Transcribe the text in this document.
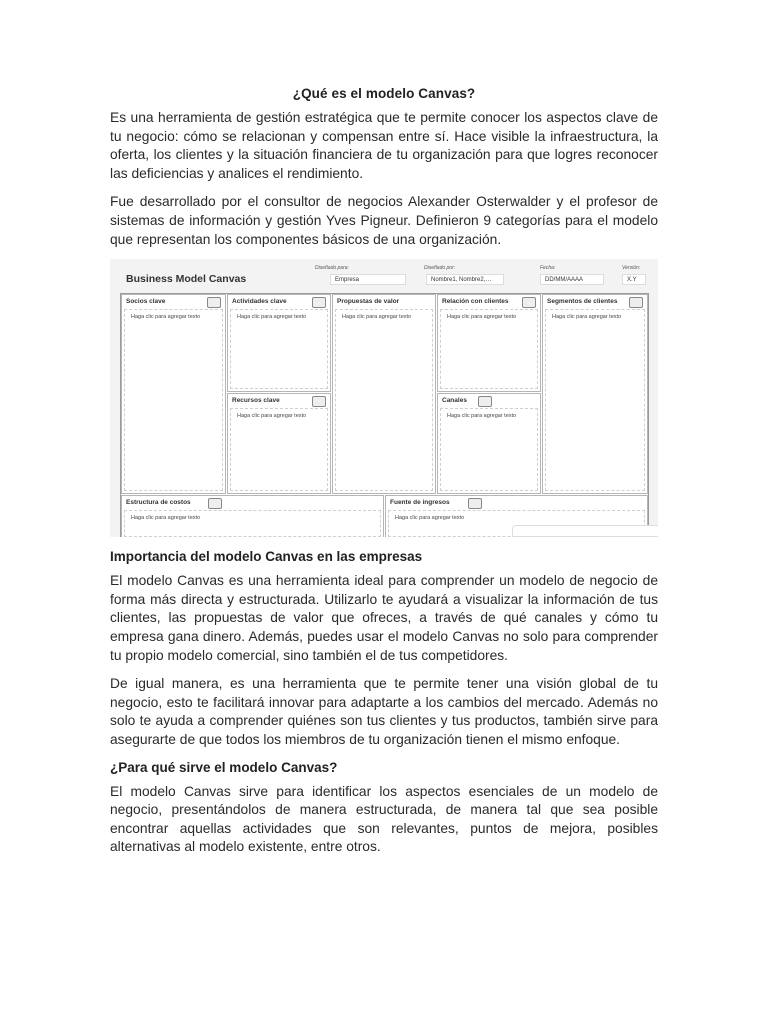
¿Qué es el modelo Canvas?

Es una herramienta de gestión estratégica que te permite conocer los aspectos clave de tu negocio: cómo se relacionan y compensan entre sí. Hace visible la infraestructura, la oferta, los clientes y la situación financiera de tu organización para que logres reconocer las deficiencias y analices el rendimiento.

Fue desarrollado por el consultor de negocios Alexander Osterwalder y el profesor de sistemas de información y gestión Yves Pigneur. Definieron 9 categorías para el modelo que representan los componentes básicos de una organización.

Business Model Canvas
Diseñado para:
Empresa
Diseñado por:
Nombre1, Nombre2,…
Fecha:
DD/MM/AAAA
Versión:
X.Y
Socios clave
Haga clic para agregar texto
Actividades clave
Haga clic para agregar texto
Recursos clave
Haga clic para agregar texto
Propuestas de valor
Haga clic para agregar texto
Relación con clientes
Haga clic para agregar texto
Canales
Haga clic para agregar texto
Segmentos de clientes
Haga clic para agregar texto
Estructura de costos
Haga clic para agregar texto
Fuente de ingresos
Haga clic para agregar texto
Importancia del modelo Canvas en las empresas

El modelo Canvas es una herramienta ideal para comprender un modelo de negocio de forma más directa y estructurada. Utilizarlo te ayudará a visualizar la información de tus clientes, las propuestas de valor que ofreces, a través de qué canales y cómo tu empresa gana dinero. Además, puedes usar el modelo Canvas no solo para comprender tu propio modelo comercial, sino también el de tus competidores.

De igual manera, es una herramienta que te permite tener una visión global de tu negocio, esto te facilitará innovar para adaptarte a los cambios del mercado. Además no solo te ayuda a comprender quiénes son tus clientes y tus productos, también sirve para asegurarte de que todos los miembros de tu organización tienen el mismo enfoque.

¿Para qué sirve el modelo Canvas?

El modelo Canvas sirve para identificar los aspectos esenciales de un modelo de negocio, presentándolos de manera estructurada, de manera tal que sea posible encontrar aquellas actividades que son relevantes, puntos de mejora, posibles alternativas al modelo existente, entre otros.
